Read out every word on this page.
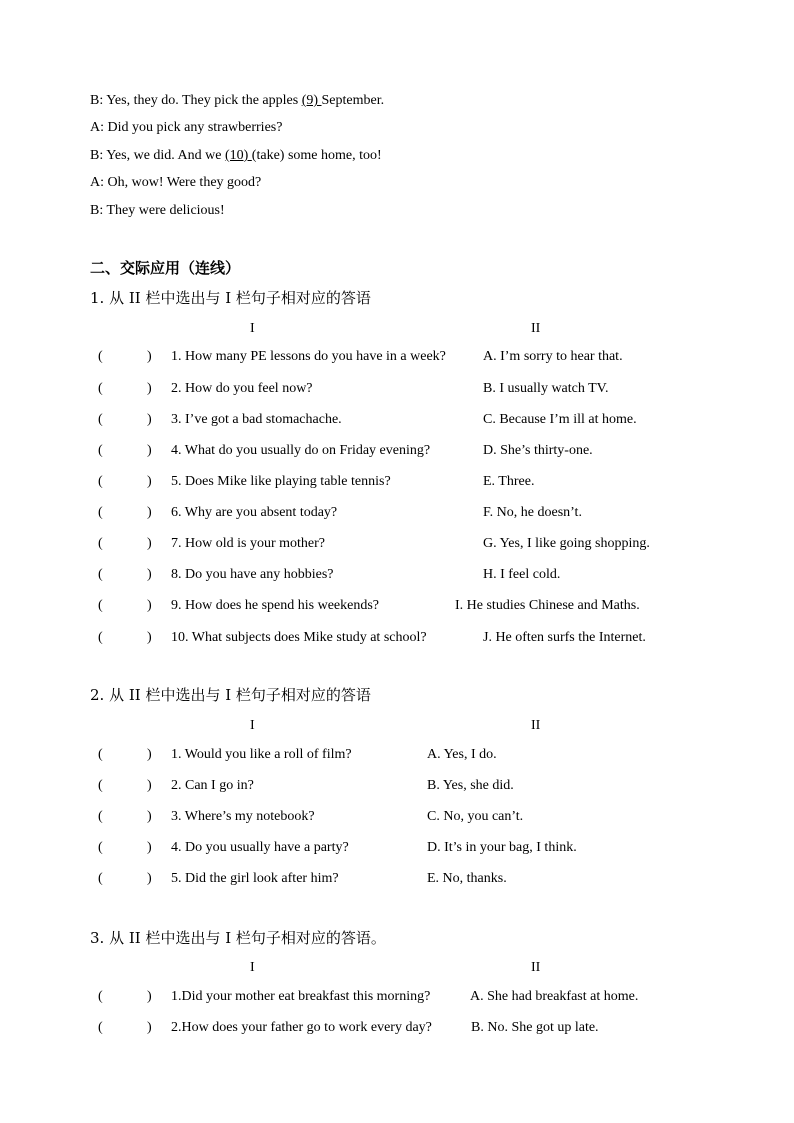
B: Yes, they do. They pick the apples (9) September.
A: Did you pick any strawberries?
B: Yes, we did. And we (10) (take) some home, too!
A: Oh, wow! Were they good?
B: They were delicious!
二、交际应用（连线）
1. 从 II 栏中选出与 I 栏句子相对应的答语
I	II
(	) 1. How many PE lessons do you have in a week?	A. I’m sorry to hear that.
(	) 2. How do you feel now?	B. I usually watch TV.
(	) 3. I’ve got a bad stomachache.	C. Because I’m ill at home.
(	) 4. What do you usually do on Friday evening?	D. She’s thirty-one.
(	) 5. Does Mike like playing table tennis?	E. Three.
(	) 6. Why are you absent today?	F. No, he doesn’t.
(	) 7. How old is your mother?	G. Yes, I like going shopping.
(	) 8. Do you have any hobbies?	H. I feel cold.
(	) 9. How does he spend his weekends?	I. He studies Chinese and Maths.
(	) 10. What subjects does Mike study at school?	J. He often surfs the Internet.
2. 从 II 栏中选出与 I 栏句子相对应的答语
I	II
(	) 1. Would you like a roll of film?	A. Yes, I do.
(	) 2. Can I go in?	B. Yes, she did.
(	) 3. Where’s my notebook?	C. No, you can’t.
(	) 4. Do you usually have a party?	D. It’s in your bag, I think.
(	) 5. Did the girl look after him?	E. No, thanks.
3. 从 II 栏中选出与 I 栏句子相对应的答语。
I	II
(	) 1.Did your mother eat breakfast this morning?	A. She had breakfast at home.
(	) 2.How does your father go to work every day?	B. No. She got up late.
